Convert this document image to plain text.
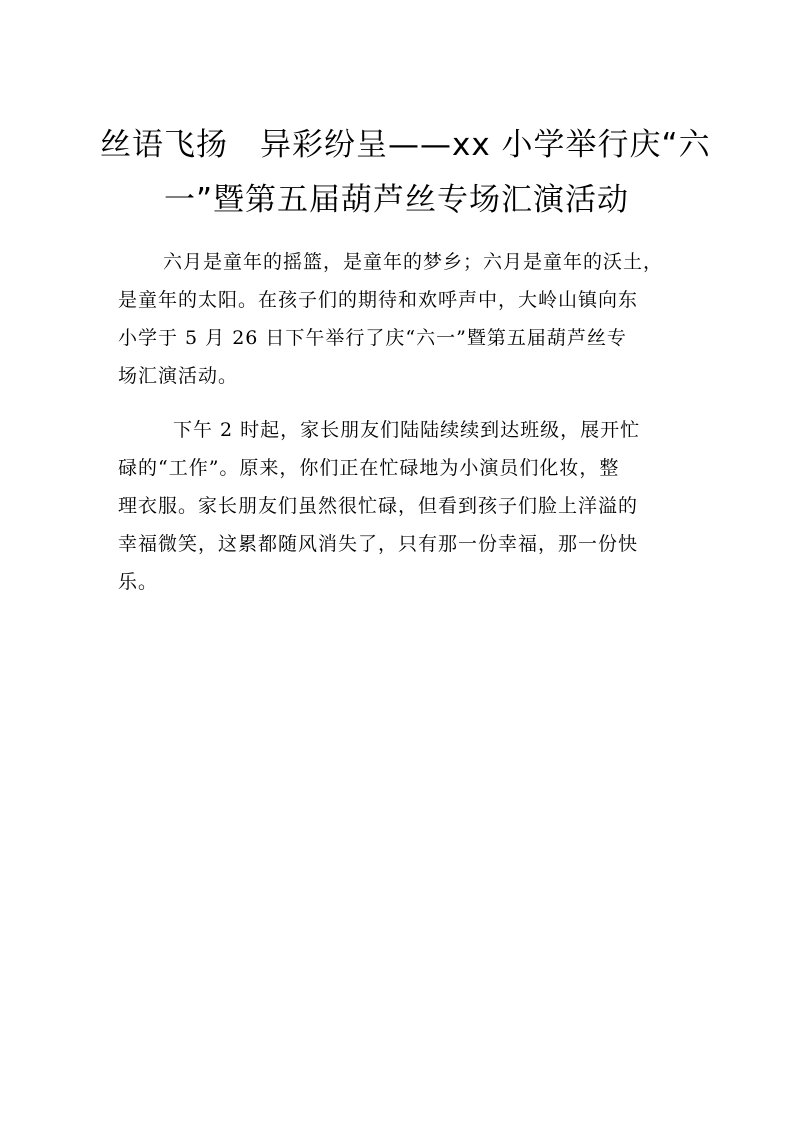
丝语飞扬　异彩纷呈——xx 小学举行庆“六
一”暨第五届葫芦丝专场汇演活动
六月是童年的摇篮，是童年的梦乡；六月是童年的沃土，
是童年的太阳。在孩子们的期待和欢呼声中，大岭山镇向东
小学于 5 月 26 日下午举行了庆“六一”暨第五届葫芦丝专
场汇演活动。
下午 2 时起，家长朋友们陆陆续续到达班级，展开忙
碌的“工作”。原来，你们正在忙碌地为小演员们化妆，整
理衣服。家长朋友们虽然很忙碌，但看到孩子们脸上洋溢的
幸福微笑，这累都随风消失了，只有那一份幸福，那一份快
乐。
